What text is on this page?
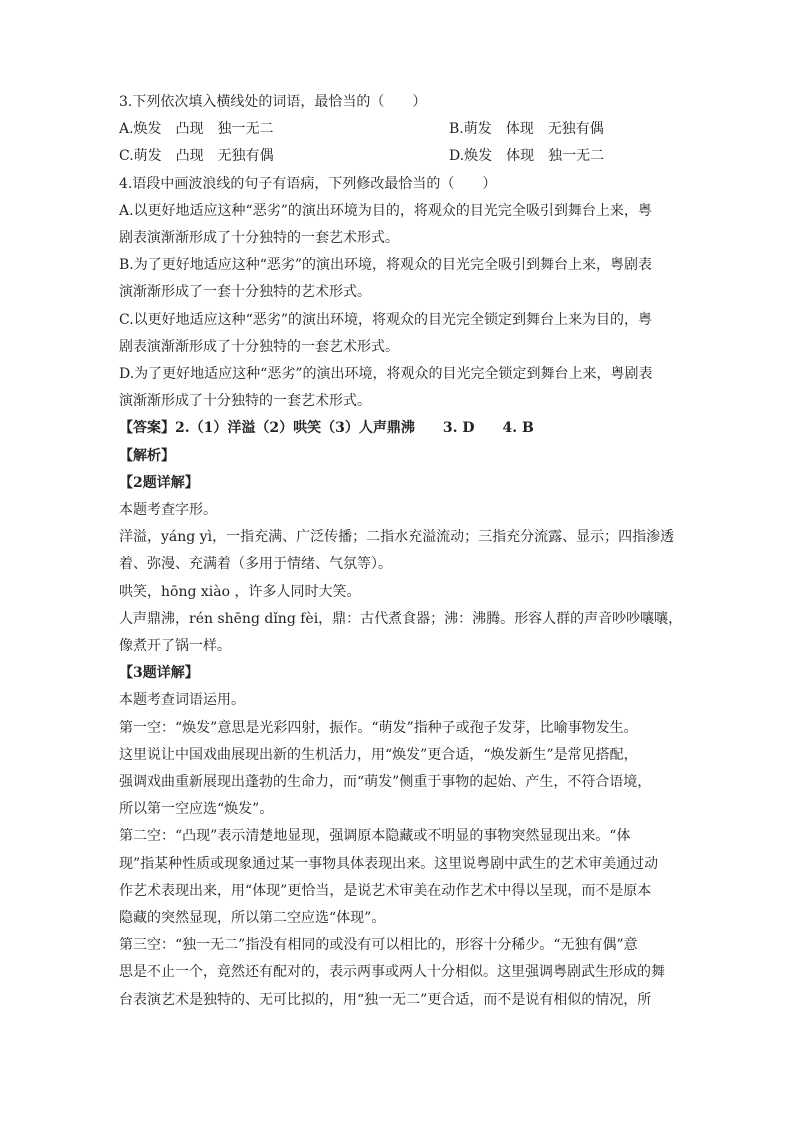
3.下列依次填入横线处的词语，最恰当的（　　）
A.焕发　凸现　独一无二	B.萌发　体现　无独有偶
C.萌发　凸现　无独有偶	D.焕发　体现　独一无二
4.语段中画波浪线的句子有语病，下列修改最恰当的（　　）
A.以更好地适应这种“恶劣”的演出环境为目的，将观众的目光完全吸引到舞台上来，粤
剧表演渐渐形成了十分独特的一套艺术形式。
B.为了更好地适应这种“恶劣”的演出环境，将观众的目光完全吸引到舞台上来，粤剧表
演渐渐形成了一套十分独特的艺术形式。
C.以更好地适应这种“恶劣”的演出环境，将观众的目光完全锁定到舞台上来为目的，粤
剧表演渐渐形成了十分独特的一套艺术形式。
D.为了更好地适应这种“恶劣”的演出环境，将观众的目光完全锁定到舞台上来，粤剧表
演渐渐形成了十分独特的一套艺术形式。
【答案】2.（1）洋溢（2）哄笑（3）人声鼎沸　　3. D　　4. B
【解析】
【2题详解】
本题考查字形。
洋溢，yáng yì，一指充满、广泛传播；二指水充溢流动；三指充分流露、显示；四指渗透
着、弥漫、充满着（多用于情绪、气氛等）。
哄笑，hōng xiào ，许多人同时大笑。
人声鼎沸，rén shēng dǐng fèi，鼎：古代煮食器；沸：沸腾。形容人群的声音吵吵嚷嚷，
像煮开了锅一样。
【3题详解】
本题考查词语运用。
第一空：“焕发”意思是光彩四射，振作。“萌发”指种子或孢子发芽，比喻事物发生。
这里说让中国戏曲展现出新的生机活力，用“焕发”更合适，“焕发新生”是常见搭配，
强调戏曲重新展现出蓬勃的生命力，而“萌发”侧重于事物的起始、产生，不符合语境，
所以第一空应选“焕发”。
第二空：“凸现”表示清楚地显现，强调原本隐藏或不明显的事物突然显现出来。“体
现”指某种性质或现象通过某一事物具体表现出来。这里说粤剧中武生的艺术审美通过动
作艺术表现出来，用“体现”更恰当，是说艺术审美在动作艺术中得以呈现，而不是原本
隐藏的突然显现，所以第二空应选“体现”。
第三空：“独一无二”指没有相同的或没有可以相比的，形容十分稀少。“无独有偶”意
思是不止一个，竟然还有配对的，表示两事或两人十分相似。这里强调粤剧武生形成的舞
台表演艺术是独特的、无可比拟的，用“独一无二”更合适，而不是说有相似的情况，所
